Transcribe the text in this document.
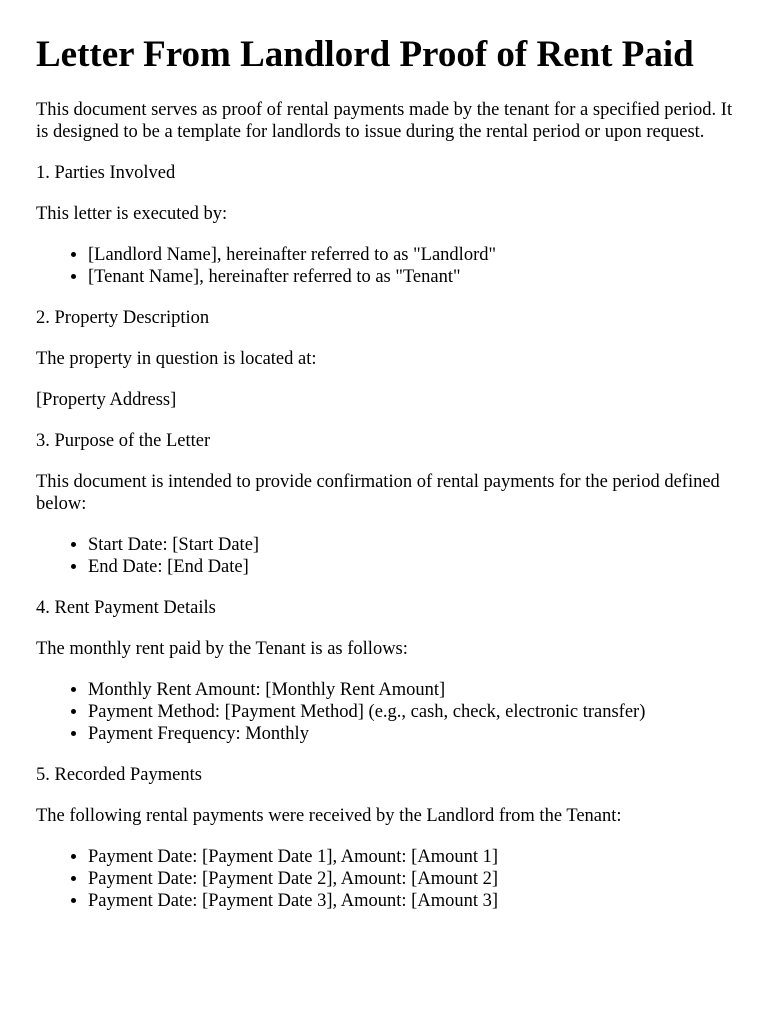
Letter From Landlord Proof of Rent Paid

This document serves as proof of rental payments made by the tenant for a specified period. It is designed to be a template for landlords to issue during the rental period or upon request.

1. Parties Involved

This letter is executed by:

• [Landlord Name], hereinafter referred to as "Landlord"
• [Tenant Name], hereinafter referred to as "Tenant"

2. Property Description

The property in question is located at:

[Property Address]

3. Purpose of the Letter

This document is intended to provide confirmation of rental payments for the period defined below:

• Start Date: [Start Date]
• End Date: [End Date]

4. Rent Payment Details

The monthly rent paid by the Tenant is as follows:

• Monthly Rent Amount: [Monthly Rent Amount]
• Payment Method: [Payment Method] (e.g., cash, check, electronic transfer)
• Payment Frequency: Monthly

5. Recorded Payments

The following rental payments were received by the Landlord from the Tenant:

• Payment Date: [Payment Date 1], Amount: [Amount 1]
• Payment Date: [Payment Date 2], Amount: [Amount 2]
• Payment Date: [Payment Date 3], Amount: [Amount 3]
